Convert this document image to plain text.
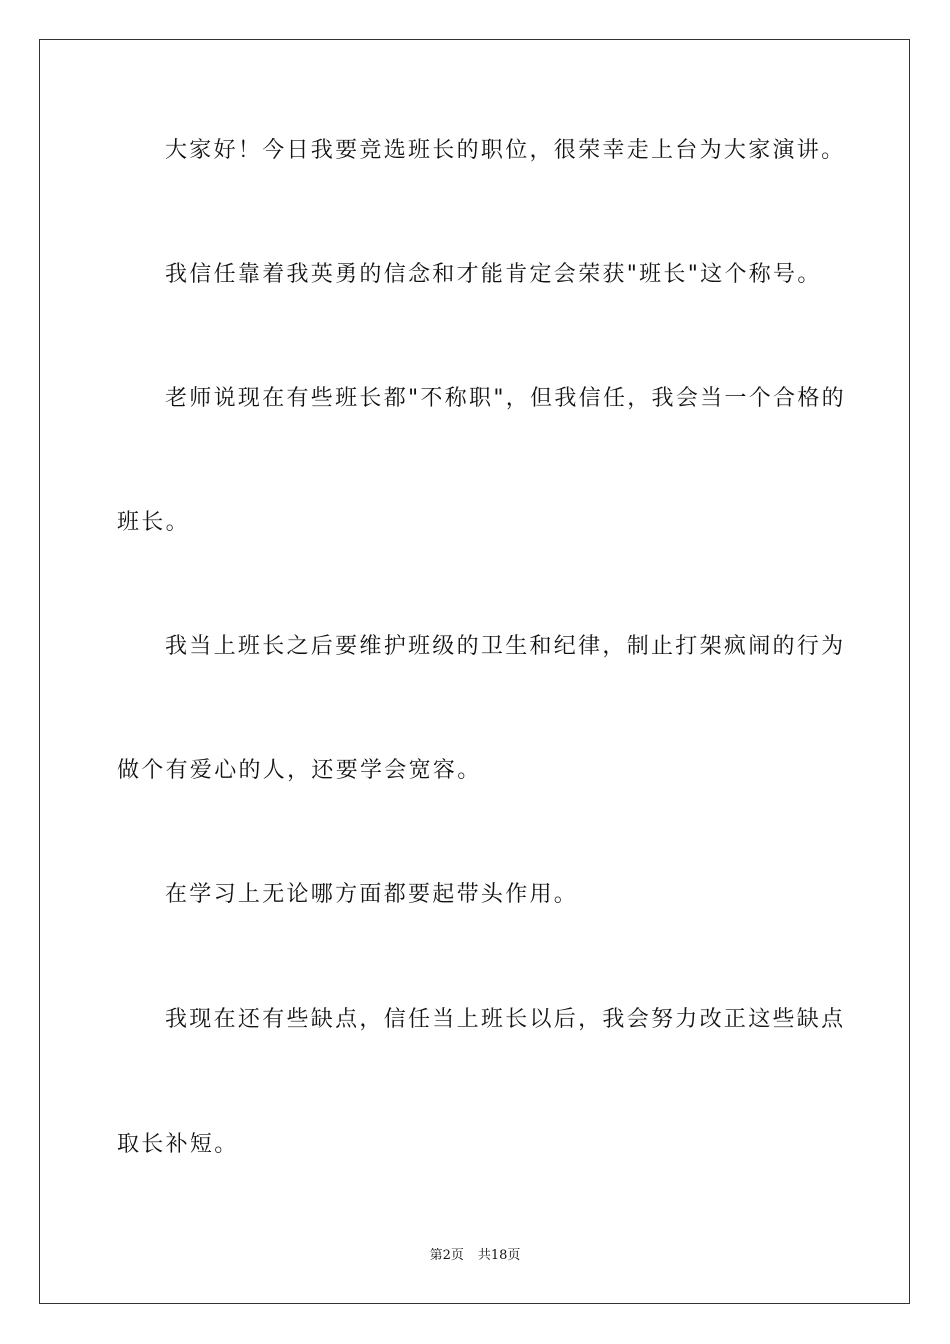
大家好！今日我要竞选班长的职位，很荣幸走上台为大家演讲。
我信任靠着我英勇的信念和才能肯定会荣获"班长"这个称号。
老师说现在有些班长都"不称职"，但我信任，我会当一个合格的
班长。
我当上班长之后要维护班级的卫生和纪律，制止打架疯闹的行为
做个有爱心的人，还要学会宽容。
在学习上无论哪方面都要起带头作用。
我现在还有些缺点，信任当上班长以后，我会努力改正这些缺点
取长补短。
第2页 共18页
